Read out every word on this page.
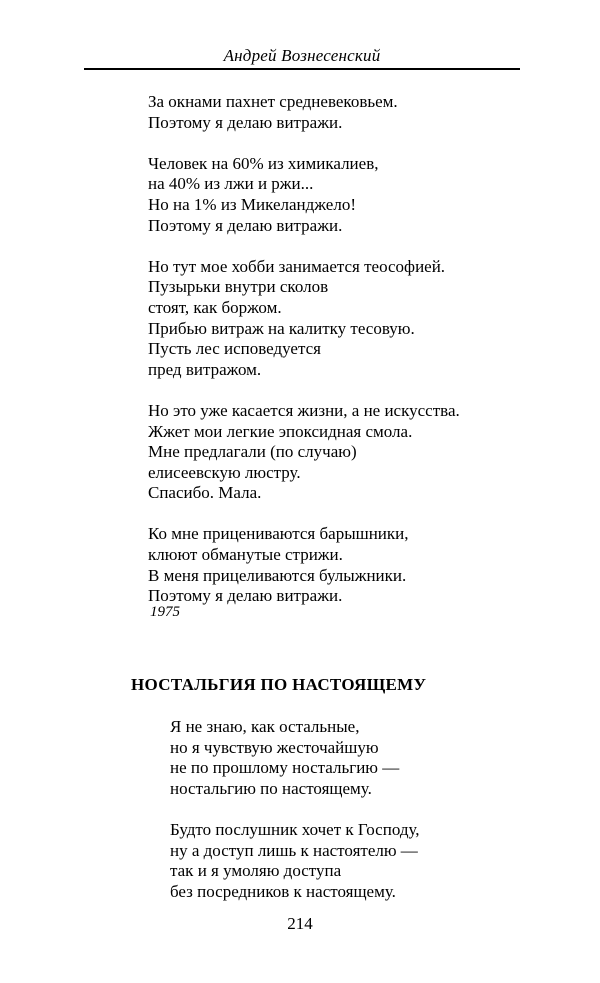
Андрей Вознесенский
За окнами пахнет средневековьем.
Поэтому я делаю витражи.
Человек на 60% из химикалиев,
на 40% из лжи и ржи...
Но на 1% из Микеланджело!
Поэтому я делаю витражи.
Но тут мое хобби занимается теософией.
Пузырьки внутри сколов
стоят, как боржом.
Прибью витраж на калитку тесовую.
Пусть лес исповедуется
пред витражом.
Но это уже касается жизни, а не искусства.
Жжет мои легкие эпоксидная смола.
Мне предлагали (по случаю)
елисеевскую люстру.
Спасибо. Мала.
Ко мне прицениваются барышники,
клюют обманутые стрижи.
В меня прицеливаются булыжники.
Поэтому я делаю витражи.
1975
НОСТАЛЬГИЯ ПО НАСТОЯЩЕМУ
Я не знаю, как остальные,
но я чувствую жесточайшую
не по прошлому ностальгию —
ностальгию по настоящему.
Будто послушник хочет к Господу,
ну а доступ лишь к настоятелю —
так и я умоляю доступа
без посредников к настоящему.
214
